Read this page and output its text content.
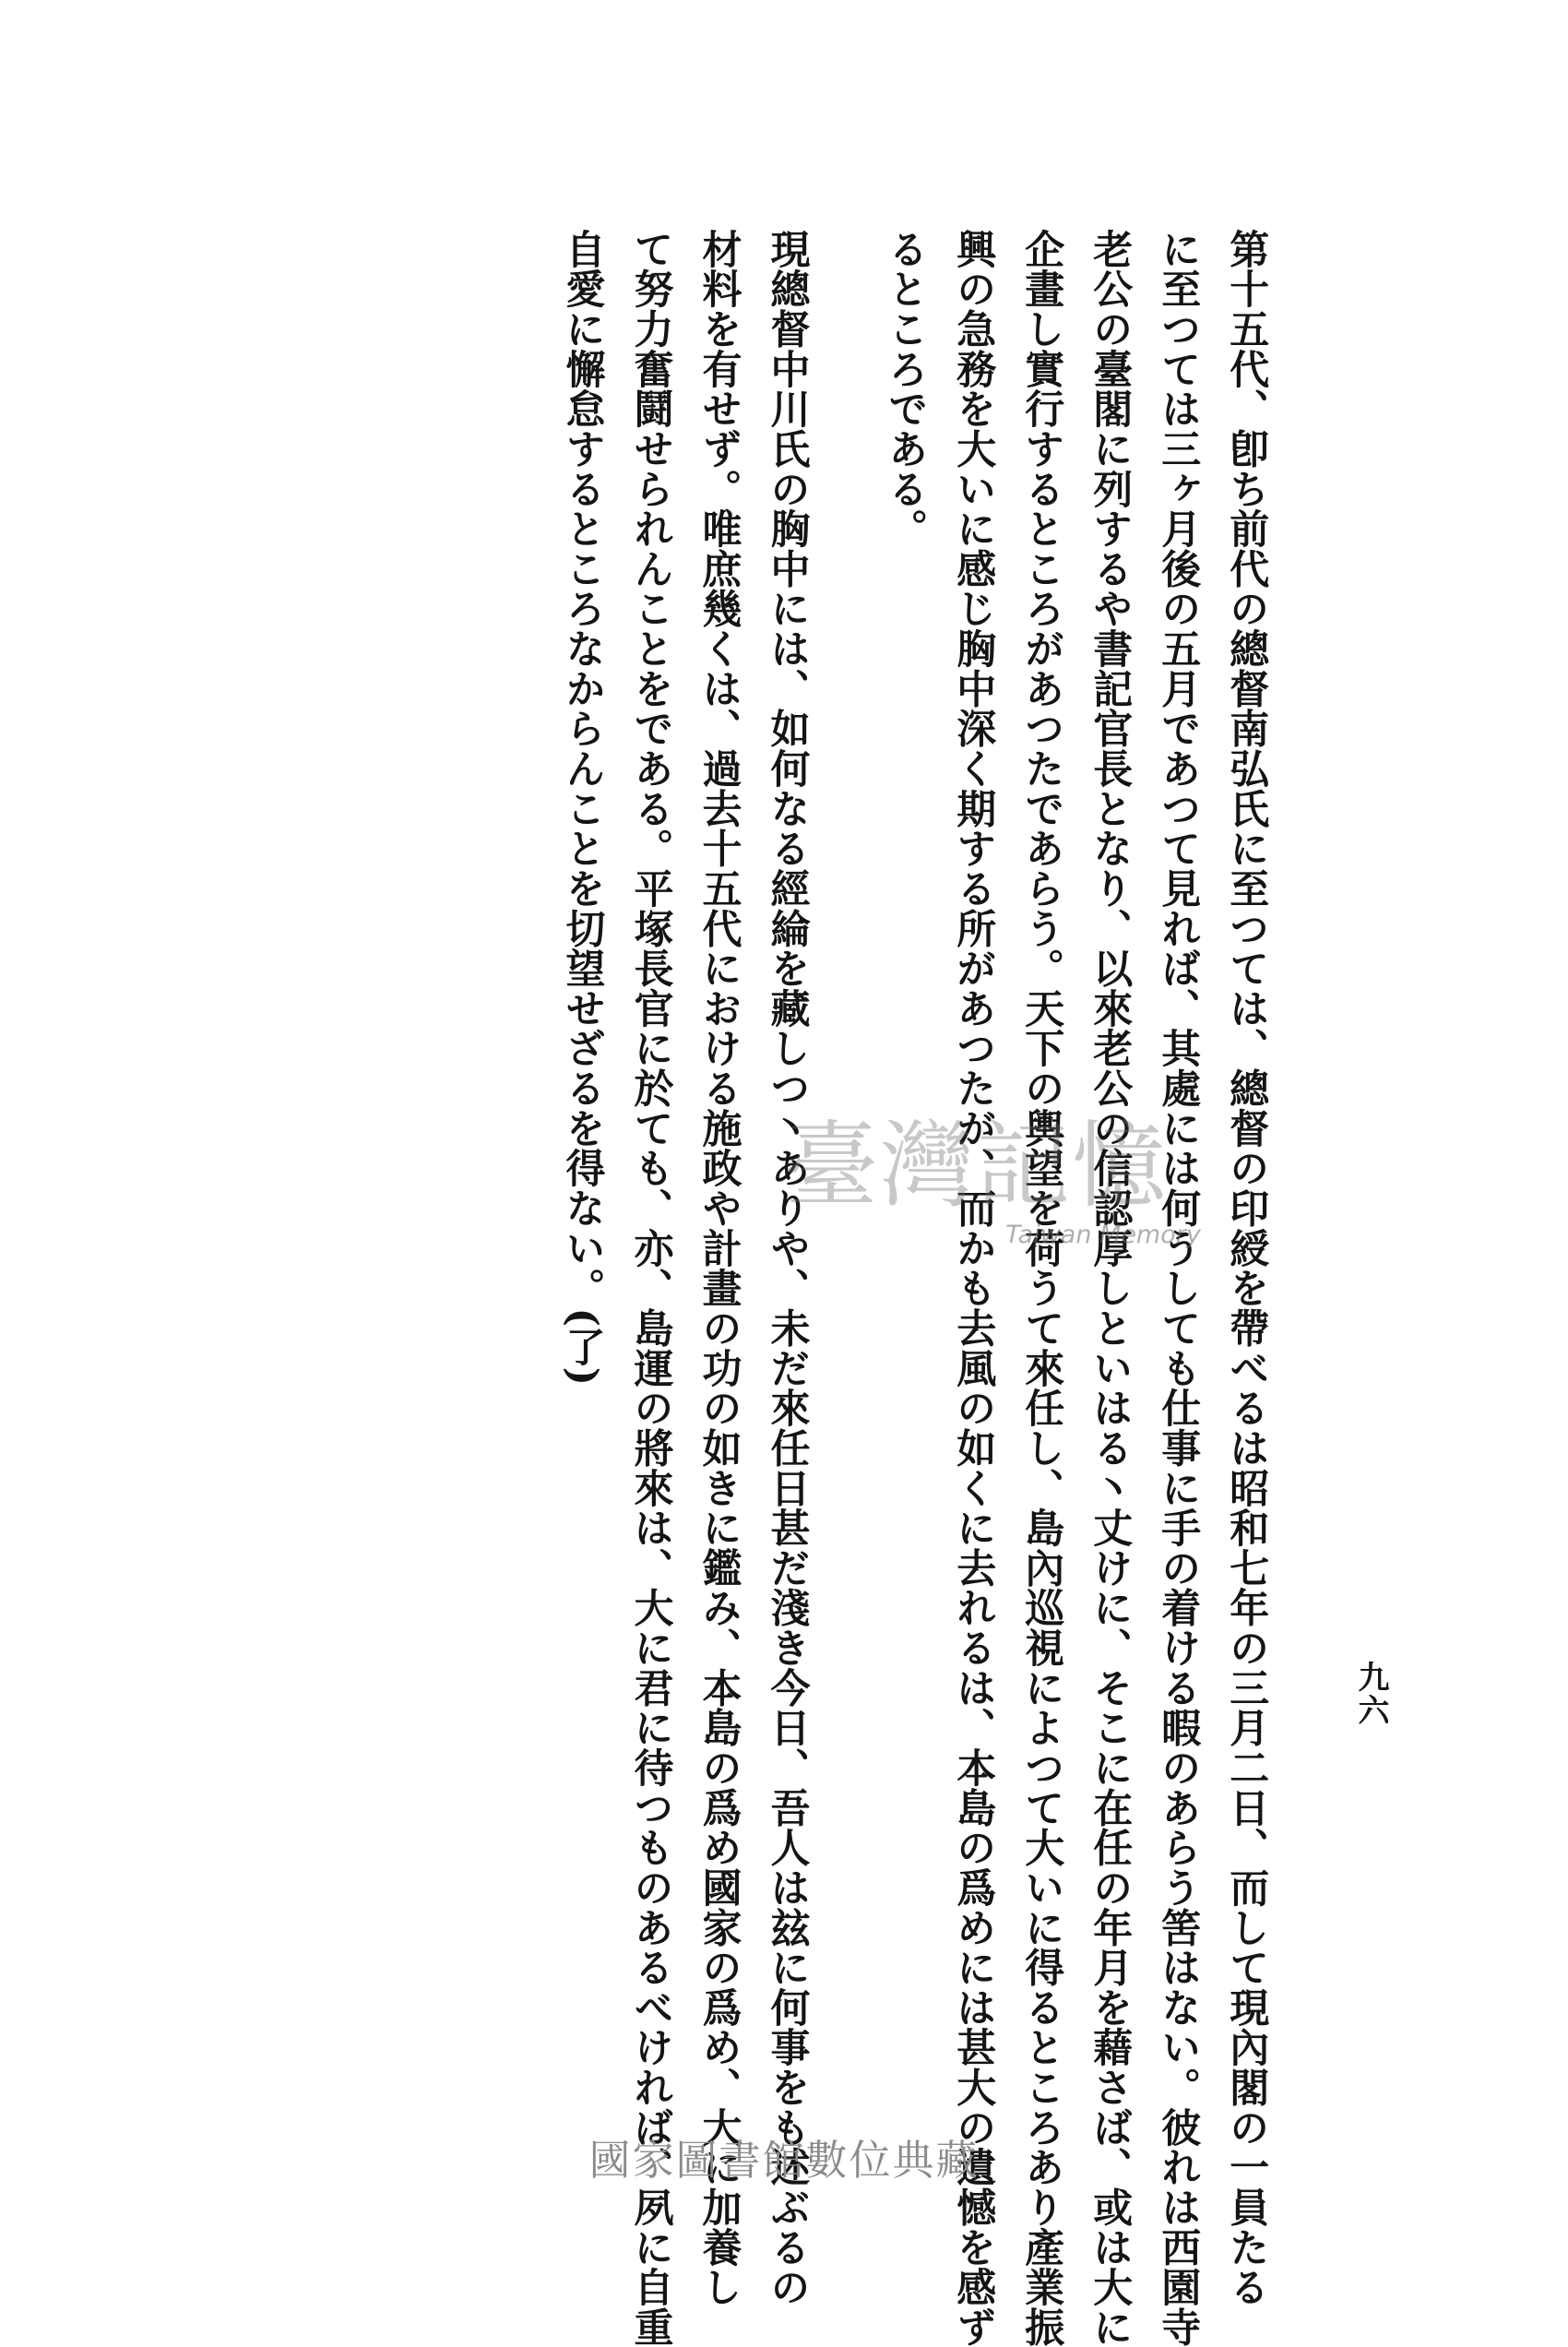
九六
第十五代、卽ち前代の總督南弘氏に至つては、總督の印綬を帶べるは昭和七年の三月二日、而して現內閣の一員たる
に至つては三ヶ月後の五月であつて見れば、其處には何うしても仕事に手の着ける暇のあらう筈はない。彼れは西園寺
老公の臺閣に列するや書記官長となり、以來老公の信認厚しといはる丶丈けに、そこに在任の年月を藉さば、或は大に
企畫し實行するところがあつたであらう。天下の輿望を荷うて來任し、島內巡視によつて大いに得るところあり產業振
興の急務を大いに感じ胸中深く期する所があつたが、而かも去風の如くに去れるは、本島の爲めには甚大の遺憾を感ず
るところである。
現總督中川氏の胸中には、如何なる經綸を藏しつ丶ありや、未だ來任日甚だ淺き今日、吾人は玆に何事をも述ぶるの
材料を有せず。唯庶幾くは、過去十五代における施政や計畫の功の如きに鑑み、本島の爲め國家の爲め、大に加養し
て努力奮鬪せられんことをである。平塚長官に於ても、亦、島運の將來は、大に君に待つものあるべければ、夙に自重
自愛に懈怠するところなからんことを切望せざるを得ない。(了) 臺灣記憶
Taiwan Memory
國家圖書館數位典藏
